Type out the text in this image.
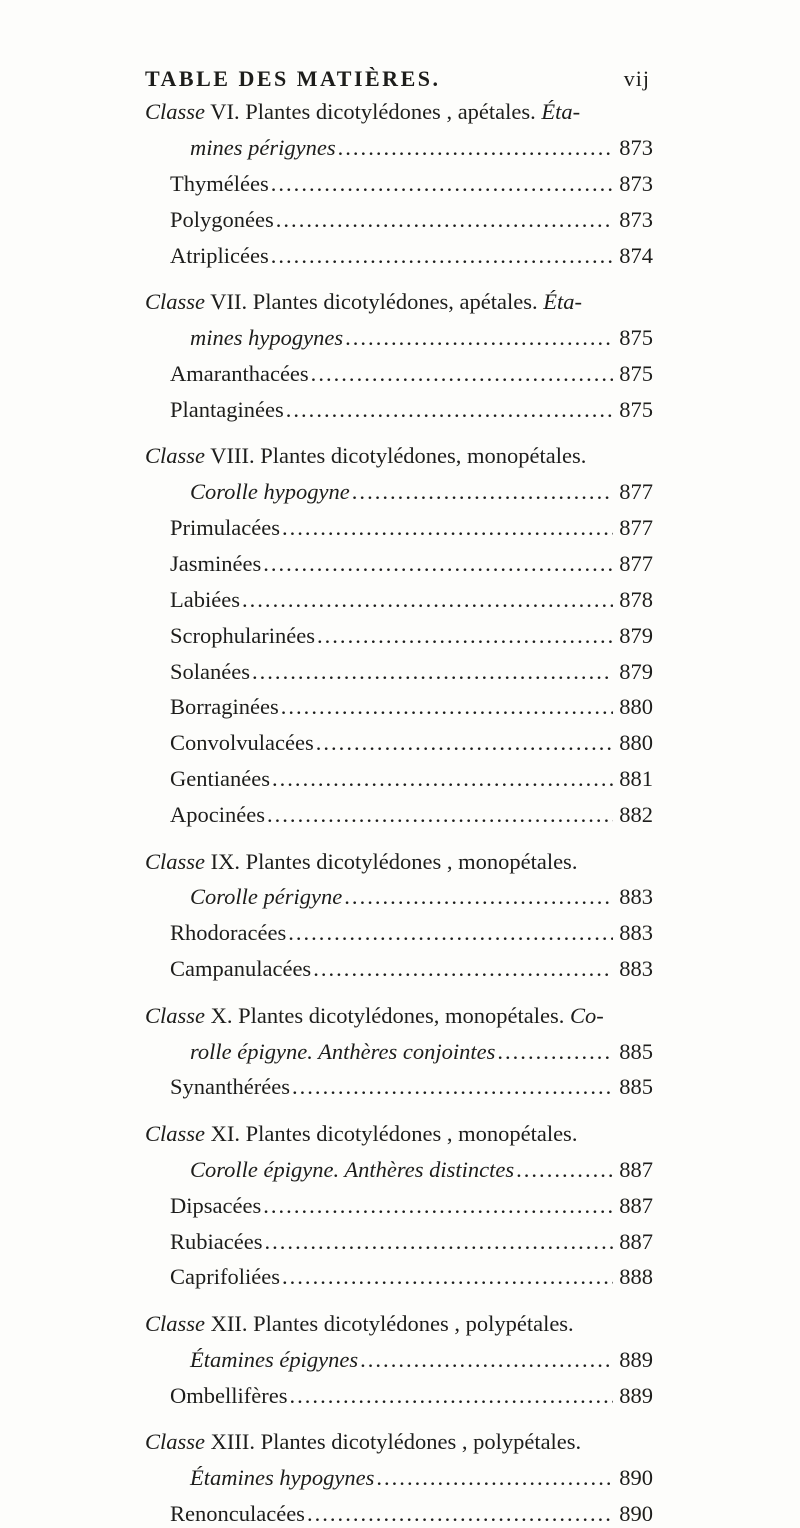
TABLE DES MATIÈRES.	vij
Classe VI. Plantes dicotylédones , apétales. Éta-
mines périgynes . . .	873
Thymélées . . .	873
Polygonées . . .	873
Atriplicées . . .	874
Classe VII. Plantes dicotylédones, apétales. Éta-
mines hypogynes . . .	875
Amaranthacées . . .	875
Plantaginées . . .	875
Classe VIII. Plantes dicotylédones, monopétales.
Corolle hypogyne . . .	877
Primulacées . . .	877
Jasminées . . .	877
Labiées . . .	878
Scrophularinées . . .	879
Solanées . . .	879
Borraginées . . .	880
Convolvulacées . . .	880
Gentianées . . .	881
Apocinées . . .	882
Classe IX. Plantes dicotylédones , monopétales.
Corolle périgyne . . .	883
Rhodoracées . . .	883
Campanulacées . . .	883
Classe X. Plantes dicotylédones, monopétales. Co-
rolle épigyne. Anthères conjointes . . .	885
Synanthérées . . .	885
Classe XI. Plantes dicotylédones , monopétales.
Corolle épigyne. Anthères distinctes . . .	887
Dipsacées . . .	887
Rubiacées . . .	887
Caprifoliées . . .	888
Classe XII. Plantes dicotylédones , polypétales.
Étamines épigynes . . .	889
Ombellifères . . .	889
Classe XIII. Plantes dicotylédones , polypétales.
Étamines hypogynes . . .	890
Renonculacées . . .	890
